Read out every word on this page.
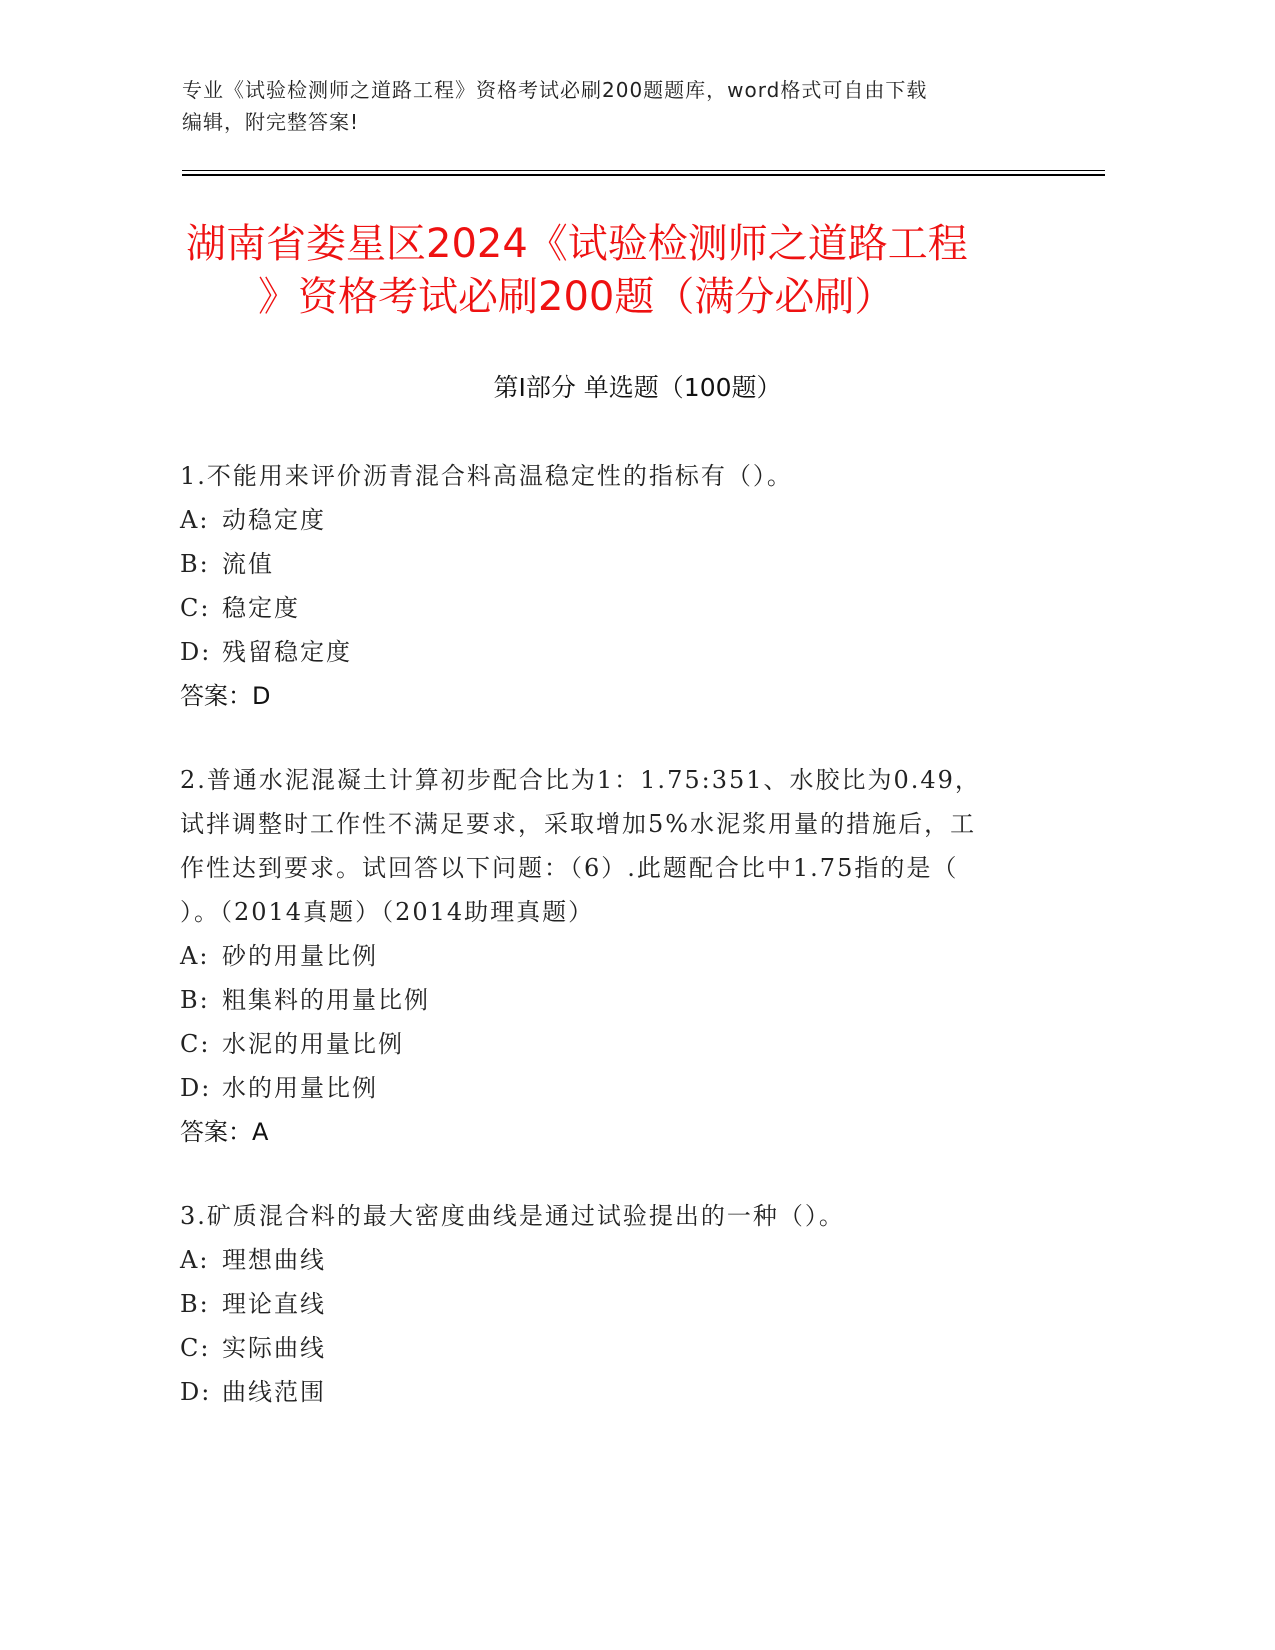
专业《试验检测师之道路工程》资格考试必刷200题题库，word格式可自由下载
编辑，附完整答案!
湖南省娄星区2024《试验检测师之道路工程
》资格考试必刷200题（满分必刷）
第Ⅰ部分 单选题（100题）

1.不能用来评价沥青混合料高温稳定性的指标有（）。

A: 动稳定度

B: 流值

C: 稳定度

D: 残留稳定度

答案：D

2.普通水泥混凝土计算初步配合比为1：1.75:351、水胶比为0.49，

试拌调整时工作性不满足要求，采取增加5%水泥浆用量的措施后，工

作性达到要求。试回答以下问题：（6）.此题配合比中1.75指的是（

）。（2014真题）（2014助理真题）

A: 砂的用量比例

B: 粗集料的用量比例

C: 水泥的用量比例

D: 水的用量比例

答案：A

3.矿质混合料的最大密度曲线是通过试验提出的一种（）。

A: 理想曲线

B: 理论直线

C: 实际曲线

D: 曲线范围
